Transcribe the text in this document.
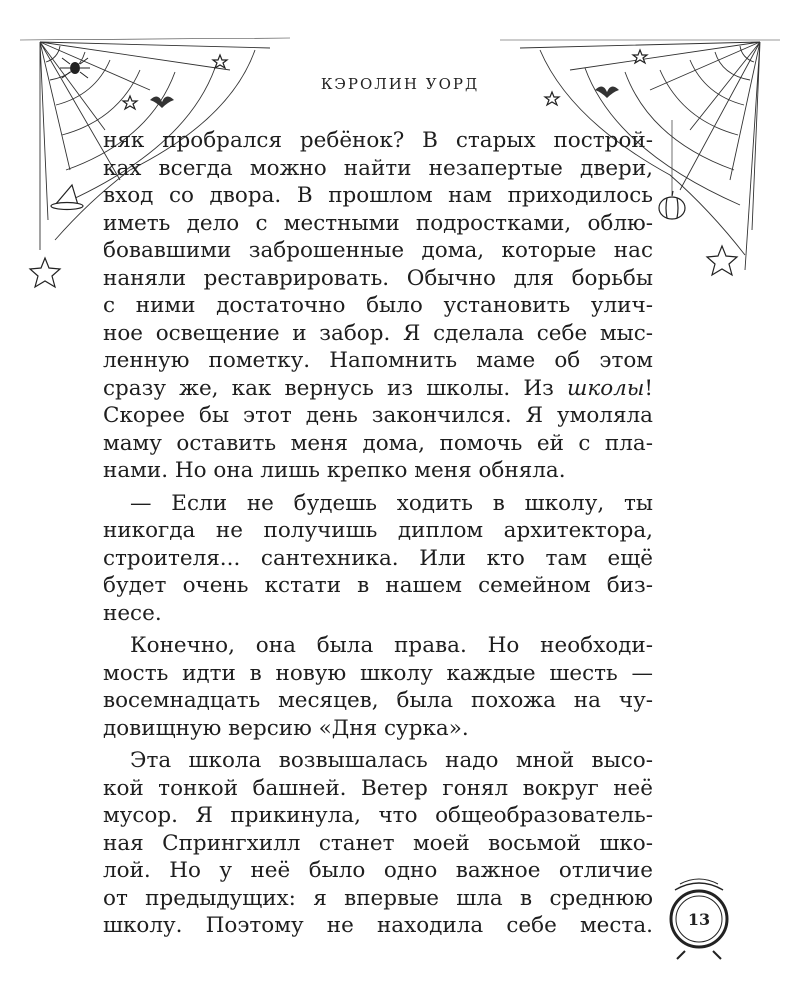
КЭРОЛИН УОРД
няк пробрался ребёнок? В старых построй-
ках всегда можно найти незапертые двери,
вход со двора. В прошлом нам приходилось
иметь дело с местными подростками, облю-
бовавшими заброшенные дома, которые нас
наняли реставрировать. Обычно для борьбы
с ними достаточно было установить улич-
ное освещение и забор. Я сделала себе мыс-
ленную пометку. Напомнить маме об этом
сразу же, как вернусь из школы. Из школы!
Скорее бы этот день закончился. Я умоляла
маму оставить меня дома, помочь ей с пла-
нами. Но она лишь крепко меня обняла.
— Если не будешь ходить в школу, ты
никогда не получишь диплом архитектора,
строителя... сантехника. Или кто там ещё
будет очень кстати в нашем семейном биз-
несе.
Конечно, она была права. Но необходи-
мость идти в новую школу каждые шесть —
восемнадцать месяцев, была похожа на чу-
довищную версию «Дня сурка».
Эта школа возвышалась надо мной высо-
кой тонкой башней. Ветер гонял вокруг неё
мусор. Я прикинула, что общеобразователь-
ная Спрингхилл станет моей восьмой шко-
лой. Но у неё было одно важное отличие
от предыдущих: я впервые шла в среднюю
школу. Поэтому не находила себе места.	13
